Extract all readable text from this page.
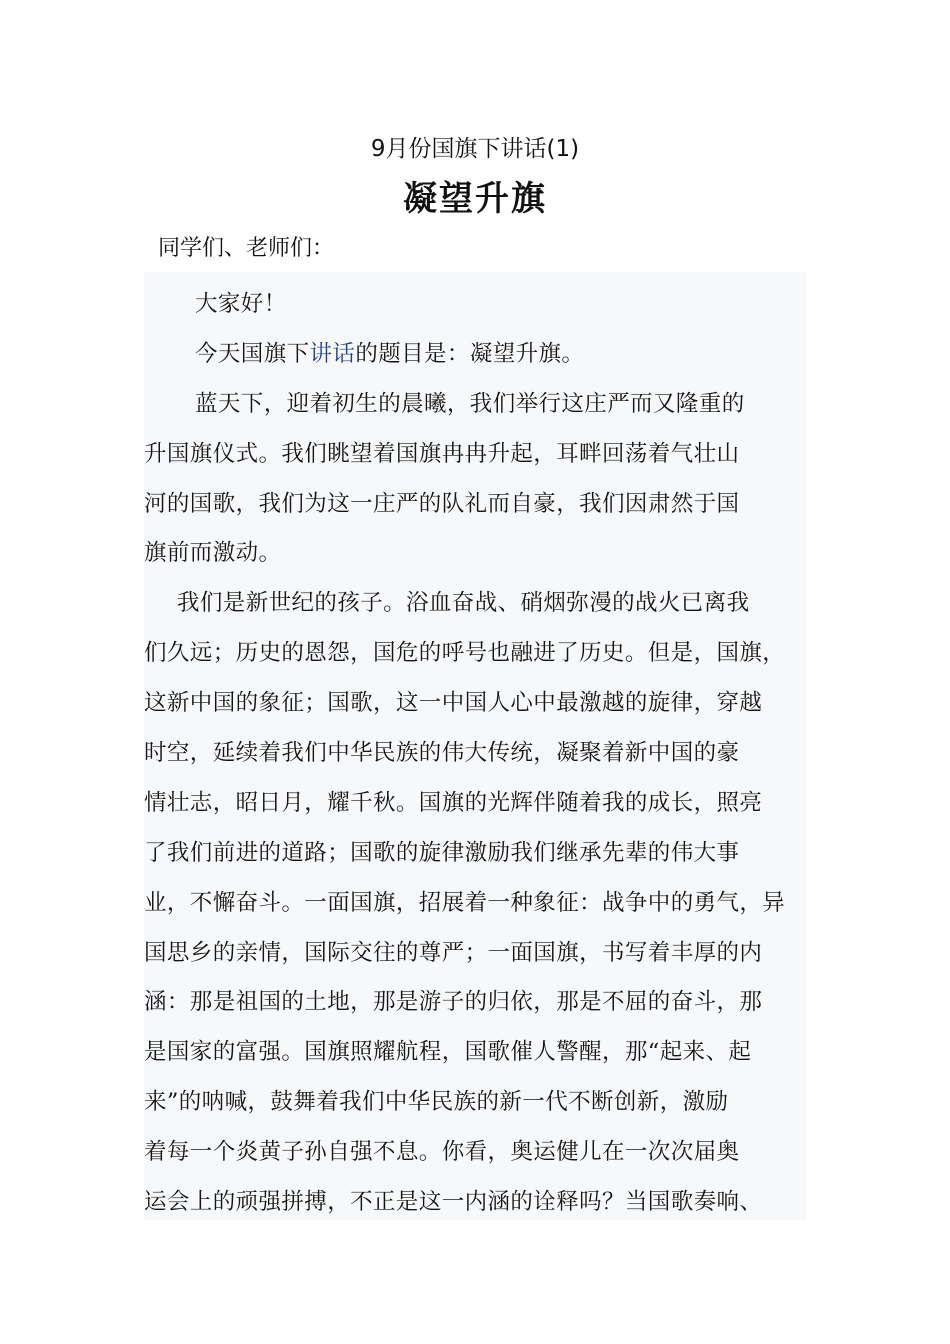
9月份国旗下讲话(1)
凝望升旗
同学们、老师们：
大家好！
今天国旗下讲话的题目是：凝望升旗。
蓝天下，迎着初生的晨曦，我们举行这庄严而又隆重的
升国旗仪式。我们眺望着国旗冉冉升起，耳畔回荡着气壮山
河的国歌，我们为这一庄严的队礼而自豪，我们因肃然于国
旗前而激动。
我们是新世纪的孩子。浴血奋战、硝烟弥漫的战火已离我
们久远；历史的恩怨，国危的呼号也融进了历史。但是，国旗，
这新中国的象征；国歌，这一中国人心中最激越的旋律，穿越
时空，延续着我们中华民族的伟大传统，凝聚着新中国的豪
情壮志，昭日月，耀千秋。国旗的光辉伴随着我的成长，照亮
了我们前进的道路；国歌的旋律激励我们继承先辈的伟大事
业，不懈奋斗。一面国旗，招展着一种象征：战争中的勇气，异
国思乡的亲情，国际交往的尊严；一面国旗，书写着丰厚的内
涵：那是祖国的土地，那是游子的归依，那是不屈的奋斗，那
是国家的富强。国旗照耀航程，国歌催人警醒，那“起来、起
来”的呐喊，鼓舞着我们中华民族的新一代不断创新，激励
着每一个炎黄子孙自强不息。你看，奥运健儿在一次次届奥
运会上的顽强拼搏，不正是这一内涵的诠释吗？当国歌奏响、
